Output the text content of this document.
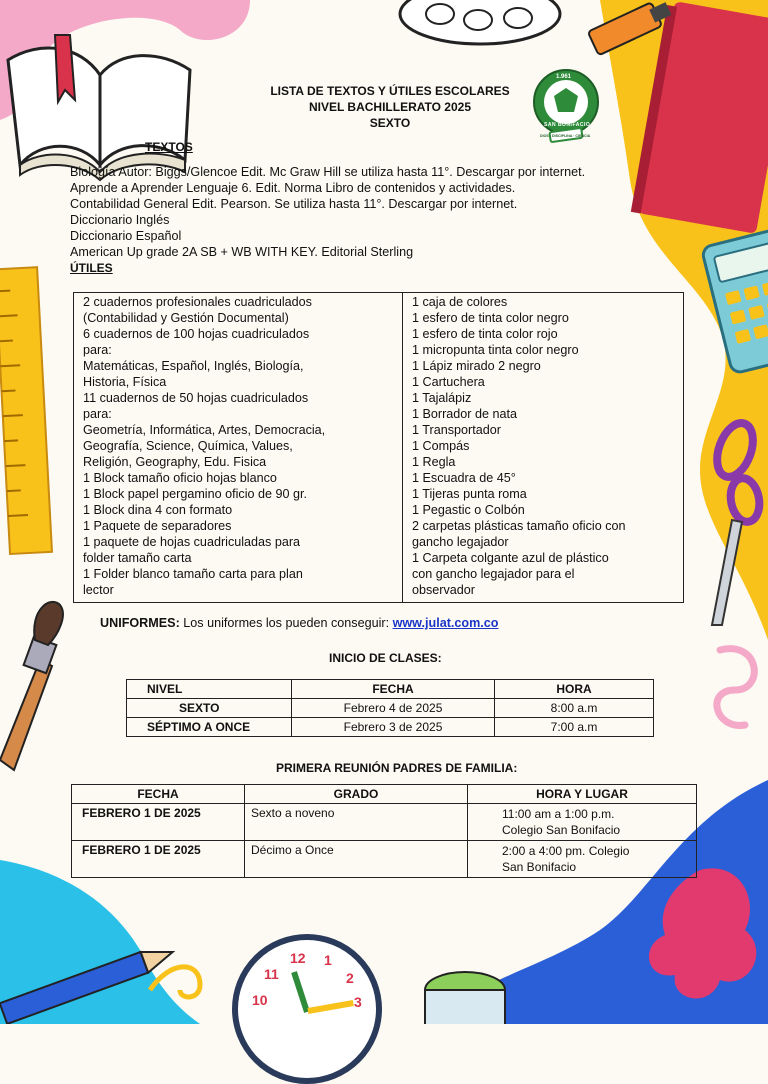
12 1
11
10
2
3
LISTA DE TEXTOS Y ÚTILES ESCOLARES
NIVEL BACHILLERATO 2025
SEXTO
1.961
SAN BONIFACIO
DIOS · DISCIPLINA · CIENCIA
TEXTOS
Biología Autor: Biggs/Glencoe Edit. Mc Graw Hill se utiliza hasta 11°. Descargar por internet.
Aprende a Aprender Lenguaje 6. Edit. Norma Libro de contenidos y actividades.
Contabilidad General Edit. Pearson. Se utiliza hasta 11°. Descargar por internet.
Diccionario Inglés
Diccionario Español
American Up grade 2A SB + WB WITH KEY. Editorial Sterling
ÚTILES
2 cuadernos profesionales cuadriculados
(Contabilidad y Gestión Documental)
6 cuadernos de 100 hojas cuadriculados
para:
Matemáticas, Español, Inglés, Biología,
Historia, Física
11 cuadernos de 50 hojas cuadriculados
para:
Geometría, Informática, Artes, Democracia,
Geografía, Science, Química, Values,
Religión, Geography, Edu. Fisica
1 Block tamaño oficio hojas blanco
1 Block papel pergamino oficio de 90 gr.
1 Block dina 4 con formato
1 Paquete de separadores
1 paquete de hojas cuadriculadas para
folder tamaño carta
1 Folder blanco tamaño carta para plan
lector

1 caja de colores
1 esfero de tinta color negro
1 esfero de tinta color rojo
1 micropunta tinta color negro
1 Lápiz mirado 2 negro
1 Cartuchera
1 Tajalápiz
1 Borrador de nata
1 Transportador
1 Compás
1 Regla
1 Escuadra de 45°
1 Tijeras punta roma
1 Pegastic o Colbón
2 carpetas plásticas tamaño oficio con
gancho legajador
1 Carpeta colgante azul de plástico
con gancho legajador para el
observador
UNIFORMES: Los uniformes los pueden conseguir: www.julat.com.co
INICIO DE CLASES:
NIVEL	FECHA	HORA
SEXTO	Febrero 4 de 2025	8:00 a.m
SÉPTIMO A ONCE	Febrero 3 de 2025	7:00 a.m
PRIMERA REUNIÓN PADRES DE FAMILIA:
FECHA	GRADO	HORA Y LUGAR
FEBRERO 1 DE 2025	Sexto a noveno	11:00 am a 1:00 p.m.
Colegio San Bonifacio

FEBRERO 1 DE 2025	Décimo a Once	2:00 a 4:00 pm. Colegio
San Bonifacio
